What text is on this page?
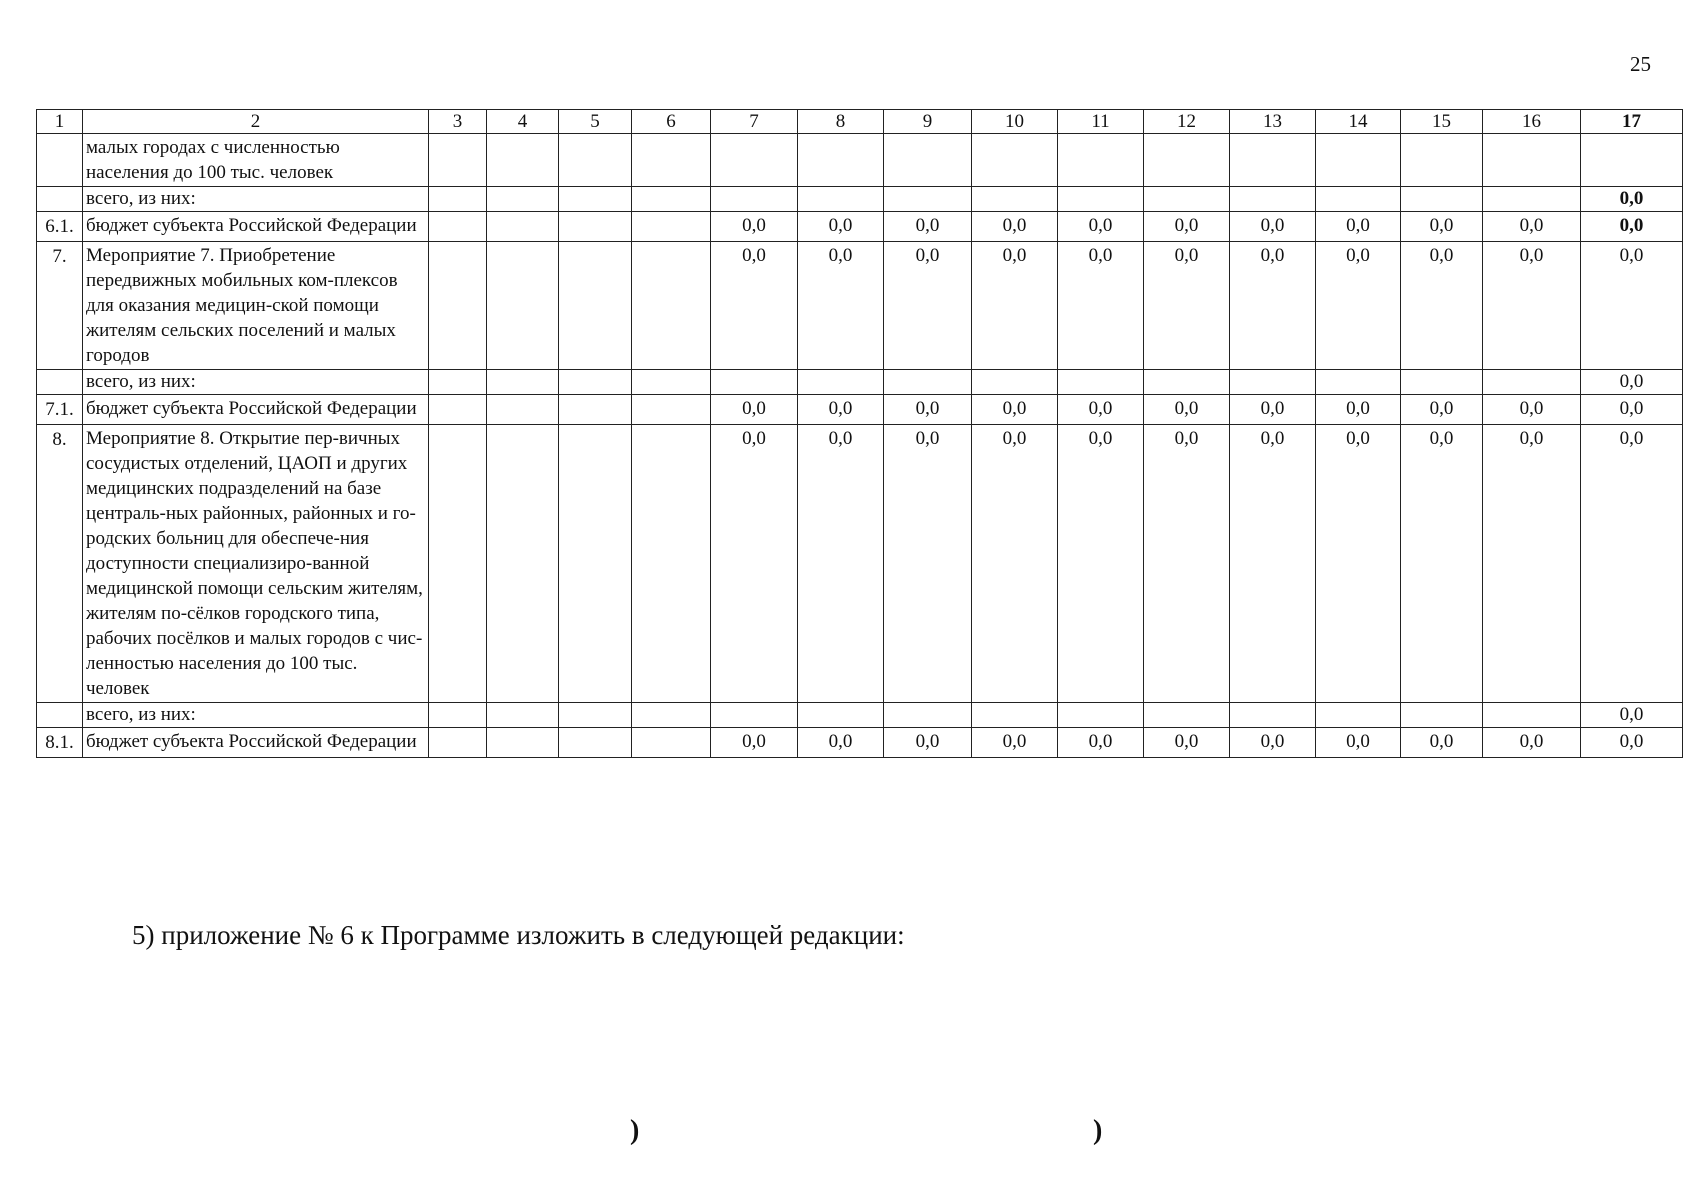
25
1	2	3	4	5	6	7	8	9	10	11	12	13	14	15	16	17
	малых городах с численностью населения до 100 тыс. человек															
	всего, из них:															0,0
6.1.	бюджет субъекта Российской Федерации					0,0	0,0	0,0	0,0	0,0	0,0	0,0	0,0	0,0	0,0	0,0
7.	Мероприятие 7. Приобретение передвижных мобильных ком-плексов для оказания медицин-ской помощи жителям сельских поселений и малых городов					0,0	0,0	0,0	0,0	0,0	0,0	0,0	0,0	0,0	0,0	0,0
	всего, из них:															0,0
7.1.	бюджет субъекта Российской Федерации					0,0	0,0	0,0	0,0	0,0	0,0	0,0	0,0	0,0	0,0	0,0
8.	Мероприятие 8. Открытие пер-вичных сосудистых отделений, ЦАОП и других медицинских подразделений на базе централь-ных районных, районных и го-родских больниц для обеспече-ния доступности специализиро-ванной медицинской помощи сельским жителям, жителям по-сёлков городского типа, рабочих посёлков и малых городов с чис-ленностью населения до 100 тыс. человек					0,0	0,0	0,0	0,0	0,0	0,0	0,0	0,0	0,0	0,0	0,0
	всего, из них:															0,0
8.1.	бюджет субъекта Российской Федерации					0,0	0,0	0,0	0,0	0,0	0,0	0,0	0,0	0,0	0,0	0,0
5) приложение № 6 к Программе изложить в следующей редакции:
)	)
